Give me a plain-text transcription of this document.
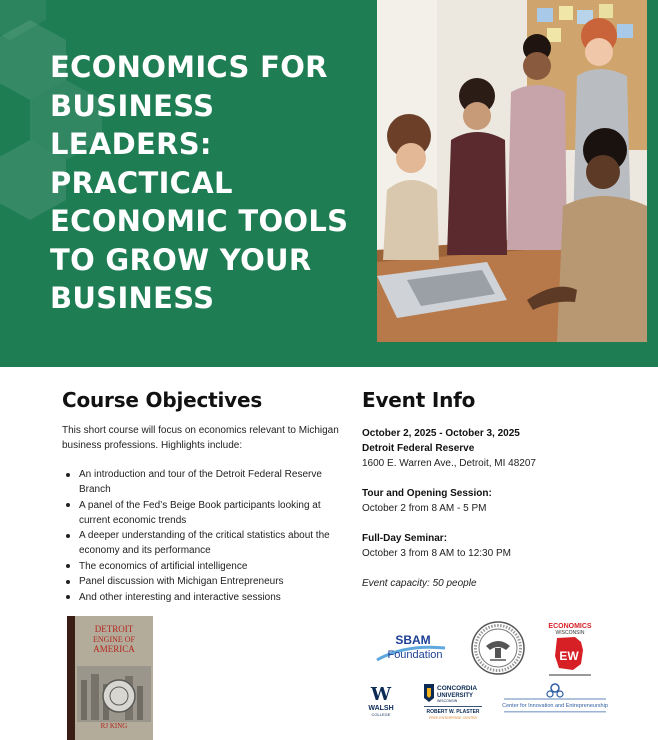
ECONOMICS FOR BUSINESS LEADERS: PRACTICAL ECONOMIC TOOLS TO GROW YOUR BUSINESS
Course Objectives

This short course will focus on economics relevant to Michigan business professions. Highlights include:

An introduction and tour of the Detroit Federal Reserve Branch
A panel of the Fed’s Beige Book participants looking at current economic trends
A deeper understanding of the critical statistics about the economy and its performance
The economics of artificial intelligence
Panel discussion with Michigan Entrepreneurs
And other interesting and interactive sessions
DETROIT
ENGINE OF
AMERICA
RJ KING
Event Info

October 2, 2025 - October 3, 2025

Detroit Federal Reserve

1600 E. Warren Ave., Detroit, MI 48207

Tour and Opening Session:

October 2 from 8 AM - 5 PM

Full-Day Seminar:

October 3 from 8 AM to 12:30 PM

Event capacity: 50 people

SBAM
Foundation
ECONOMICS
WISCONSIN
EW
W
WALSH
COLLEGE
CONCORDIA
UNIVERSITY
WISCONSIN
ROBERT W. PLASTER
FREE ENTERPRISE CENTER
Center for Innovation and Entrepreneurship
